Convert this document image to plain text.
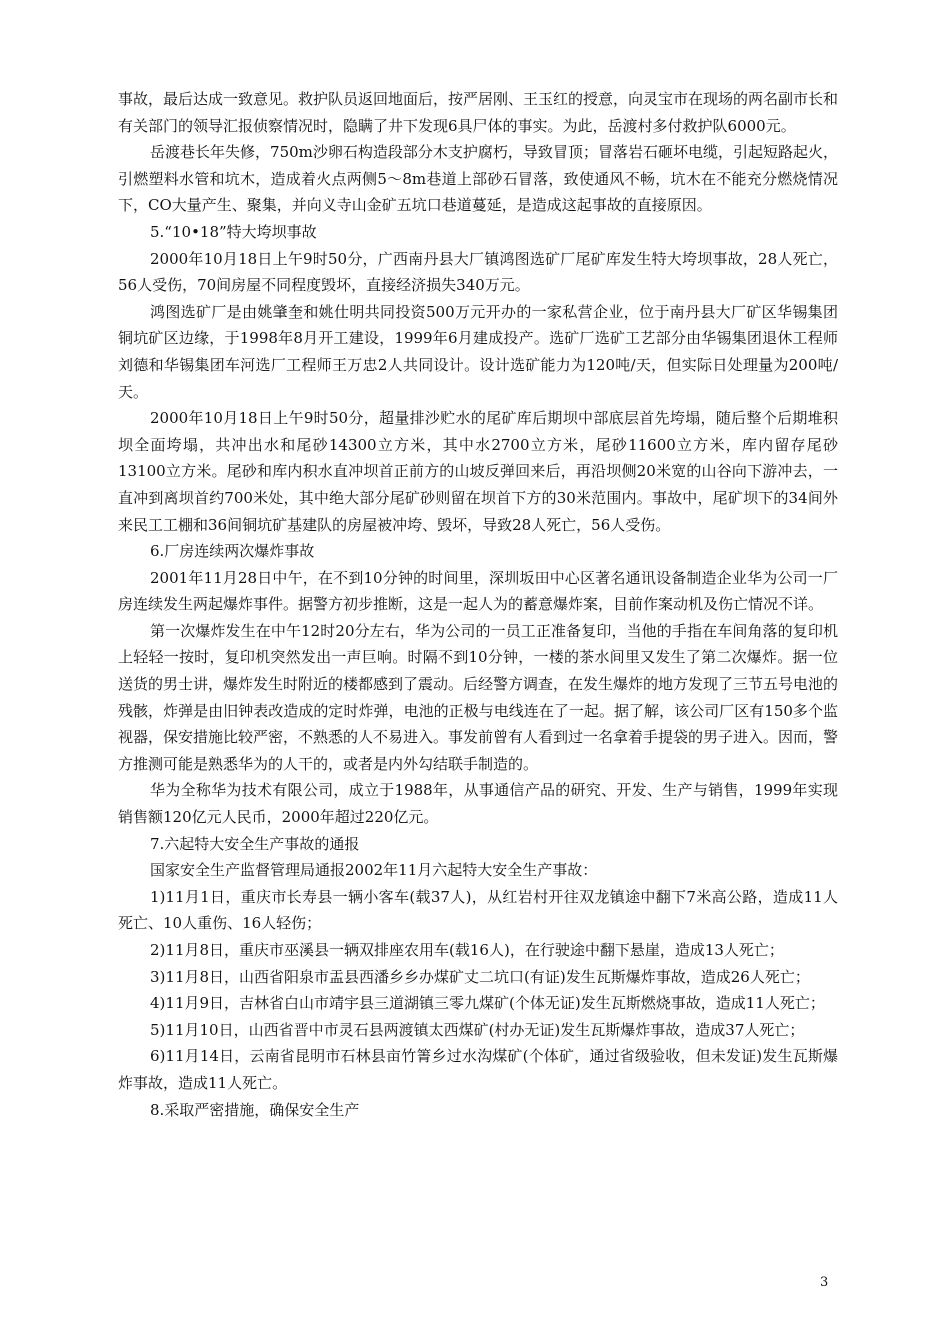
事故，最后达成一致意见。救护队员返回地面后，按严居刚、王玉红的授意，向灵宝市在现场的两名副市长和有关部门的领导汇报侦察情况时，隐瞒了井下发现6具尸体的事实。为此，岳渡村多付救护队6000元。

岳渡巷长年失修，750m沙卵石构造段部分木支护腐朽，导致冒顶；冒落岩石砸坏电缆，引起短路起火，引燃塑料水管和坑木，造成着火点两侧5～8m巷道上部砂石冒落，致使通风不畅，坑木在不能充分燃烧情况下，CO大量产生、聚集，并向义寺山金矿五坑口巷道蔓延，是造成这起事故的直接原因。

5.“10•18”特大垮坝事故

2000年10月18日上午9时50分，广西南丹县大厂镇鸿图选矿厂尾矿库发生特大垮坝事故，28人死亡，56人受伤，70间房屋不同程度毁坏，直接经济损失340万元。

鸿图选矿厂是由姚肇奎和姚仕明共同投资500万元开办的一家私营企业，位于南丹县大厂矿区华锡集团铜坑矿区边缘，于1998年8月开工建设，1999年6月建成投产。选矿厂选矿工艺部分由华锡集团退休工程师刘德和华锡集团车河选厂工程师王万忠2人共同设计。设计选矿能力为120吨/天，但实际日处理量为200吨/天。

2000年10月18日上午9时50分，超量排沙贮水的尾矿库后期坝中部底层首先垮塌，随后整个后期堆积坝全面垮塌，共冲出水和尾砂14300立方米，其中水2700立方米，尾砂11600立方米，库内留存尾砂13100立方米。尾砂和库内积水直冲坝首正前方的山坡反弹回来后，再沿坝侧20米宽的山谷向下游冲去，一直冲到离坝首约700米处，其中绝大部分尾矿砂则留在坝首下方的30米范围内。事故中，尾矿坝下的34间外来民工工棚和36间铜坑矿基建队的房屋被冲垮、毁坏，导致28人死亡，56人受伤。

6.厂房连续两次爆炸事故

2001年11月28日中午，在不到10分钟的时间里，深圳坂田中心区著名通讯设备制造企业华为公司一厂房连续发生两起爆炸事件。据警方初步推断，这是一起人为的蓄意爆炸案，目前作案动机及伤亡情况不详。

第一次爆炸发生在中午12时20分左右，华为公司的一员工正准备复印，当他的手指在车间角落的复印机上轻轻一按时，复印机突然发出一声巨响。时隔不到10分钟，一楼的茶水间里又发生了第二次爆炸。据一位送货的男士讲，爆炸发生时附近的楼都感到了震动。后经警方调查，在发生爆炸的地方发现了三节五号电池的残骸，炸弹是由旧钟表改造成的定时炸弹，电池的正极与电线连在了一起。据了解，该公司厂区有150多个监视器，保安措施比较严密，不熟悉的人不易进入。事发前曾有人看到过一名拿着手提袋的男子进入。因而，警方推测可能是熟悉华为的人干的，或者是内外勾结联手制造的。

华为全称华为技术有限公司，成立于1988年，从事通信产品的研究、开发、生产与销售，1999年实现销售额120亿元人民币，2000年超过220亿元。

7.六起特大安全生产事故的通报

国家安全生产监督管理局通报2002年11月六起特大安全生产事故：

1)11月1日，重庆市长寿县一辆小客车(载37人)，从红岩村开往双龙镇途中翻下7米高公路，造成11人死亡、10人重伤、16人轻伤；

2)11月8日，重庆市巫溪县一辆双排座农用车(载16人)，在行驶途中翻下悬崖，造成13人死亡；

3)11月8日，山西省阳泉市盂县西潘乡乡办煤矿丈二坑口(有证)发生瓦斯爆炸事故，造成26人死亡；

4)11月9日，吉林省白山市靖宇县三道湖镇三零九煤矿(个体无证)发生瓦斯燃烧事故，造成11人死亡；

5)11月10日，山西省晋中市灵石县两渡镇太西煤矿(村办无证)发生瓦斯爆炸事故，造成37人死亡；

6)11月14日，云南省昆明市石林县亩竹箐乡过水沟煤矿(个体矿，通过省级验收，但未发证)发生瓦斯爆炸事故，造成11人死亡。

8.采取严密措施，确保安全生产

3
